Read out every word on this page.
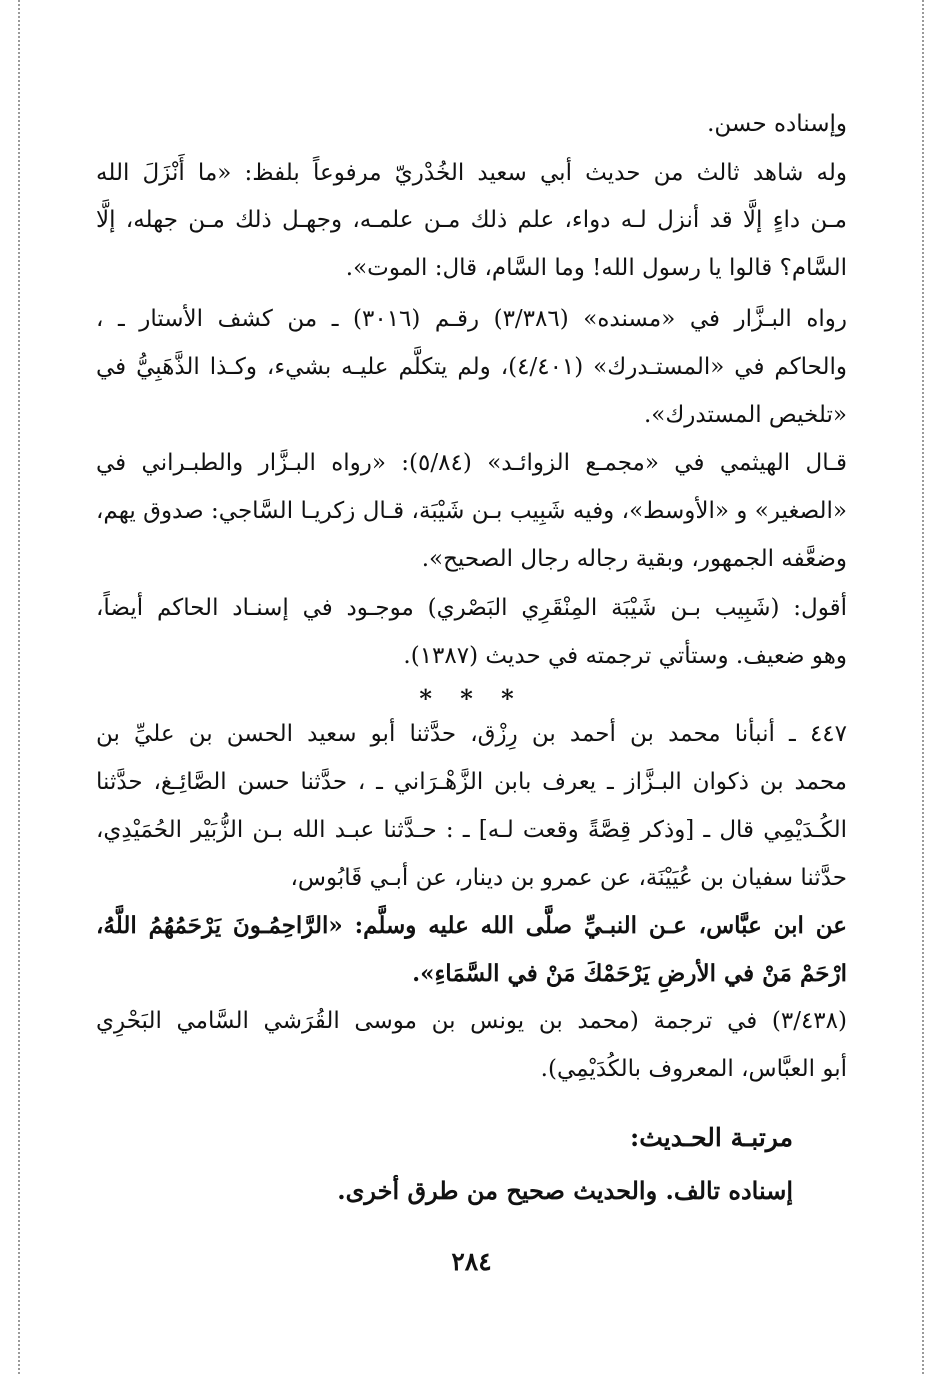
وإسناده حسن.
وله شاهد ثالث من حديث أبي سعيد الخُدْريّ مرفوعاً بلفظ: «ما أَنْزَلَ الله
مـن داءٍ إلَّا قد أنزل لـه دواء، علم ذلك مـن علمـه، وجهـل ذلك مـن جهله، إلَّا
السَّام؟ قالوا يا رسول الله! وما السَّام، قال: الموت».
رواه البـزَّار في «مسنده» (٣/٣٨٦) رقـم (٣٠١٦) ـ من كشف الأستار ـ ،
والحاكم في «المستـدرك» (٤/٤٠١)، ولم يتكلَّم عليـه بشيء، وكـذا الذَّهَبِيُّ في
«تلخيص المستدرك».
قـال الهيثمي في «مجمـع الزوائـد» (٥/٨٤): «رواه البـزَّار والطبـراني في
«الصغير» و «الأوسط»، وفيه شَبِيب بـن شَيْبَة، قـال زكريـا السَّاجي: صدوق يهم،
وضعَّفه الجمهور، وبقية رجاله رجال الصحيح».
أقول: (شَبِيب بـن شَيْبَة المِنْقَرِي البَصْري) موجـود في إسنـاد الحاكم أيضاً،
وهو ضعيف. وستأتي ترجمته في حديث (١٣٨٧).
* * *
٤٤٧ ـ أنبأنا محمد بن أحمد بن رِزْق، حدَّثنا أبو سعيد الحسن بن عليِّ بن
محمد بن ذكوان البـزَّاز ـ يعرف بابن الزَّهْـرَاني ـ ، حدَّثنا حسن الصَّائِـغ، حدَّثنا
الكُـدَيْمِي قال ـ [وذكر قِصَّةً وقعت لـه] ـ : حـدَّثنا عبـد الله بـن الزُّبَيْر الحُمَيْدِي،
حدَّثنا سفيان بن عُيَيْنَة، عن عمرو بن دينار، عن أبـي قَابُوس،
عن ابن عبَّاس، عـن النبـيِّ صلَّى الله عليه وسلَّم: «الرَّاحِمُـونَ يَرْحَمُهُمُ اللَّهُ،
ارْحَمْ مَنْ في الأرضِ يَرْحَمْكَ مَنْ في السَّمَاءِ».
(٣/٤٣٨) في ترجمة (محمد بن يونس بن موسى القُرَشي السَّامي البَحْرِي
أبو العبَّاس، المعروف بالكُدَيْمِي).
مرتبـة الحـديث:
إسناده تالف. والحديث صحيح من طرق أخرى.
٢٨٤
